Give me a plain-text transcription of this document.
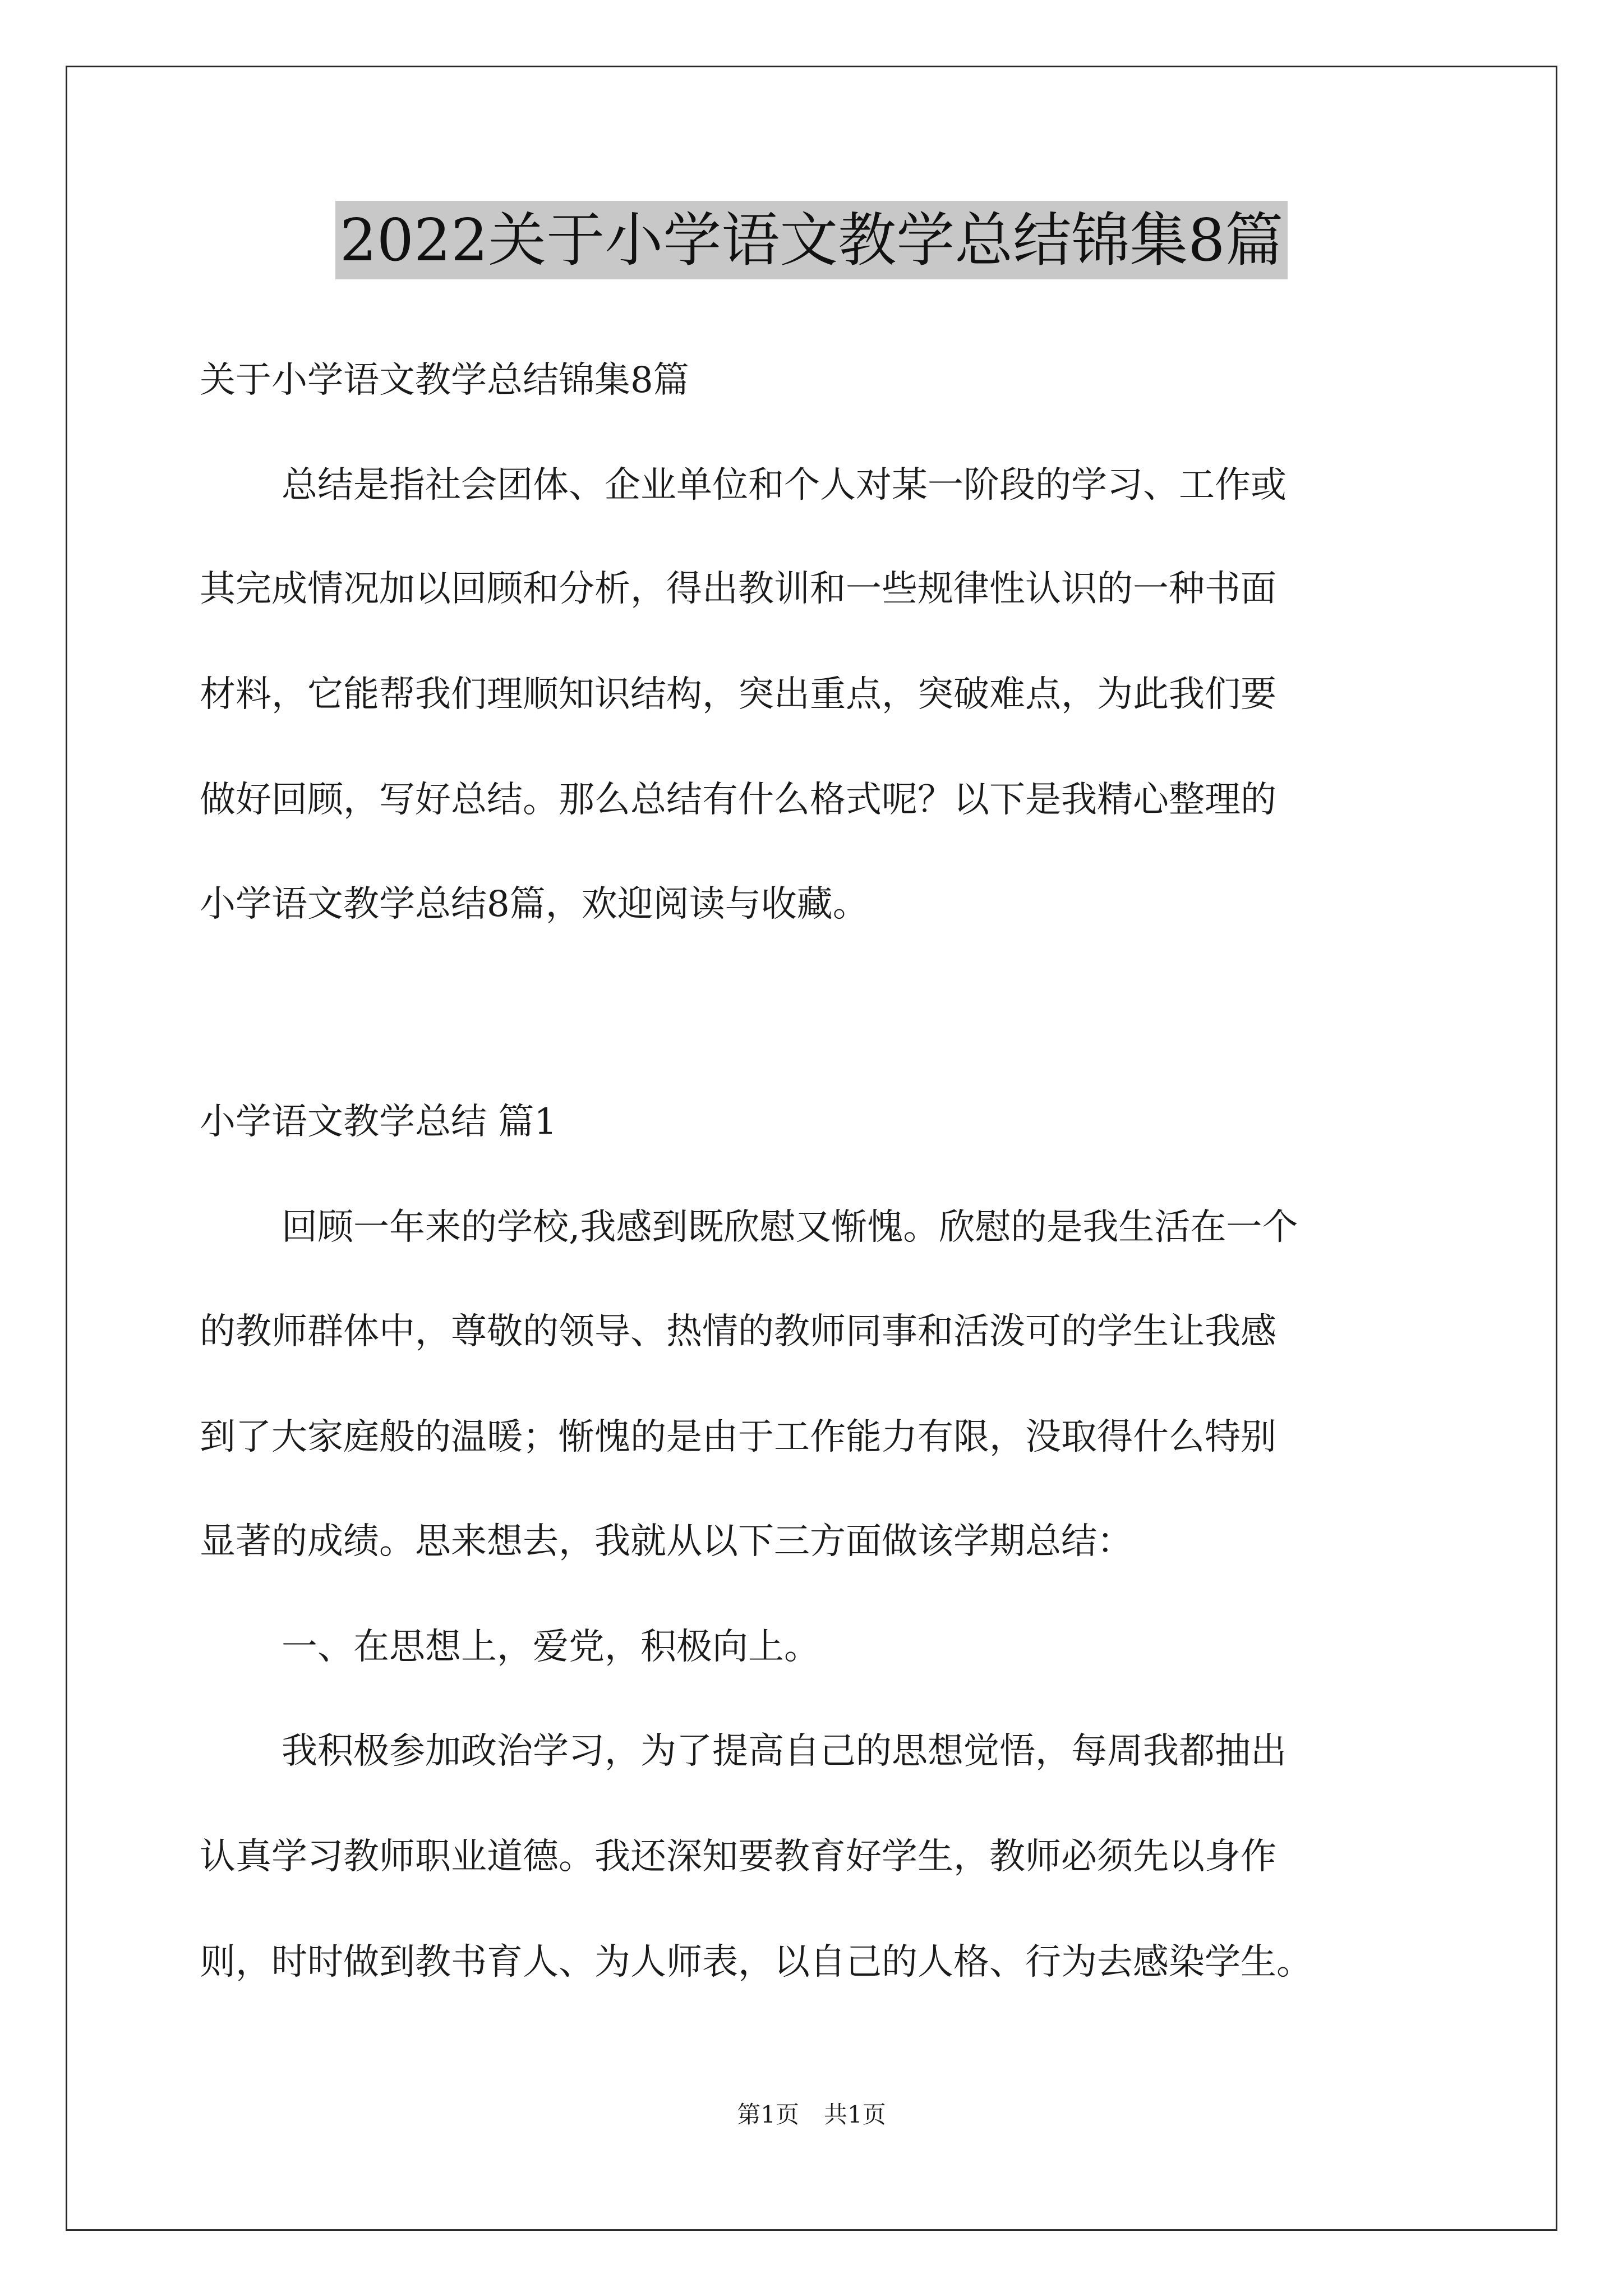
2022关于小学语文教学总结锦集8篇
关于小学语文教学总结锦集8篇
总结是指社会团体、企业单位和个人对某一阶段的学习、工作或
其完成情况加以回顾和分析，得出教训和一些规律性认识的一种书面
材料，它能帮我们理顺知识结构，突出重点，突破难点，为此我们要
做好回顾，写好总结。那么总结有什么格式呢？以下是我精心整理的
小学语文教学总结8篇，欢迎阅读与收藏。
小学语文教学总结 篇1
回顾一年来的学校,我感到既欣慰又惭愧。欣慰的是我生活在一个
的教师群体中，尊敬的领导、热情的教师同事和活泼可的学生让我感
到了大家庭般的温暖；惭愧的是由于工作能力有限，没取得什么特别
显著的成绩。思来想去，我就从以下三方面做该学期总结：
一、在思想上，爱党，积极向上。
我积极参加政治学习，为了提高自己的思想觉悟，每周我都抽出
认真学习教师职业道德。我还深知要教育好学生，教师必须先以身作
则，时时做到教书育人、为人师表，以自己的人格、行为去感染学生。
第1页 共1页
